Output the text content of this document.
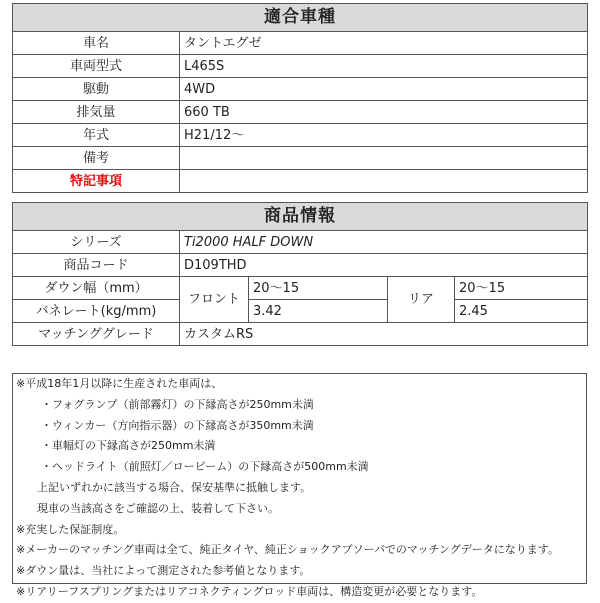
適合車種	
車名	タントエグゼ
車両型式	L465S
駆動	4WD
排気量	660 TB
年式	H21/12〜
備考	
特記事項	
商品情報				
シリーズ	Ti2000 HALF DOWN			
商品コード	D109THD			
ダウン幅（mm）	フロント	20〜15	リア	20〜15
バネレート(kg/mm)		3.42		2.45
マッチンググレード	カスタムRS			
※平成18年1月以降に生産された車両は、
・フォグランプ（前部霧灯）の下縁高さが250mm未満
・ウィンカー（方向指示器）の下縁高さが350mm未満
・車幅灯の下縁高さが250mm未満
・ヘッドライト（前照灯／ロービーム）の下縁高さが500mm未満
上記いずれかに該当する場合、保安基準に抵触します。
現車の当該高さをご確認の上、装着して下さい。
※充実した保証制度。
※メーカーのマッチング車両は全て、純正タイヤ、純正ショックアブソーバでのマッチングデータになります。
※ダウン量は、当社によって測定された参考値となります。
※リアリーフスプリングまたはリアコネクティングロッド車両は、構造変更が必要となります。
